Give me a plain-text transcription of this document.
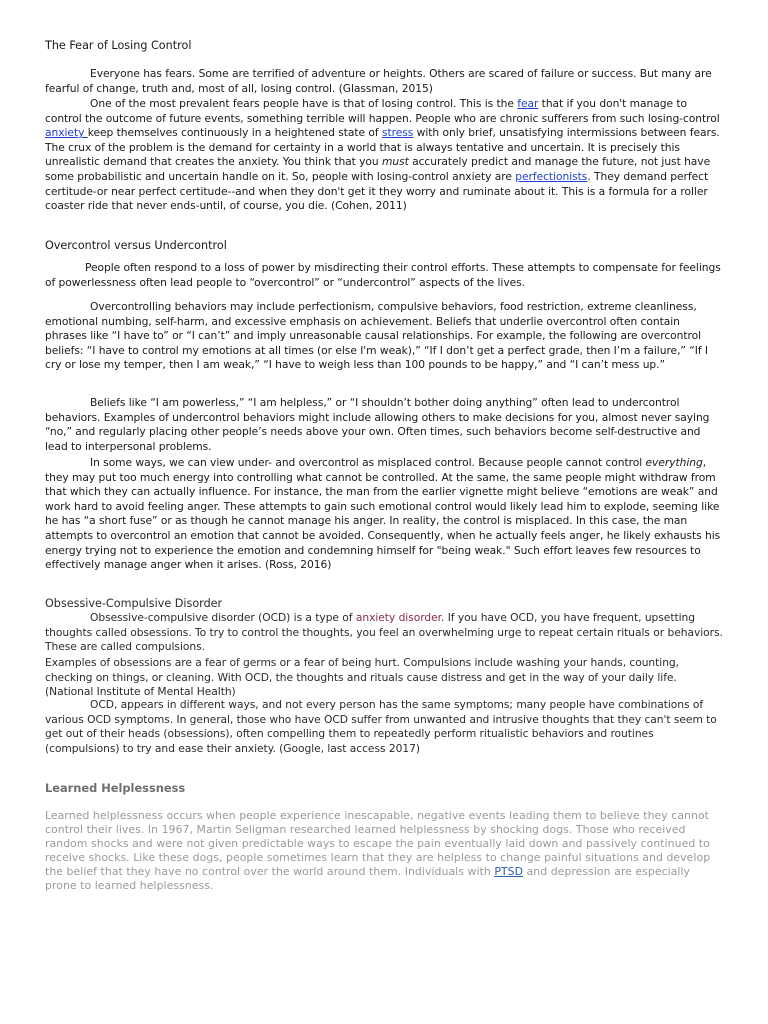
The Fear of Losing Control

Everyone has fears. Some are terrified of adventure or heights. Others are scared of failure or success. But many are fearful of change, truth and, most of all, losing control. (Glassman, 2015)

One of the most prevalent fears people have is that of losing control. This is the fear that if you don't manage to control the outcome of future events, something terrible will happen. People who are chronic sufferers from such losing-control anxiety keep themselves continuously in a heightened state of stress with only brief, unsatisfying intermissions between fears. The crux of the problem is the demand for certainty in a world that is always tentative and uncertain. It is precisely this unrealistic demand that creates the anxiety. You think that you must accurately predict and manage the future, not just have some probabilistic and uncertain handle on it. So, people with losing-control anxiety are perfectionists. They demand perfect certitude-or near perfect certitude--and when they don't get it they worry and ruminate about it. This is a formula for a roller coaster ride that never ends-until, of course, you die. (Cohen, 2011)

Overcontrol versus Undercontrol

People often respond to a loss of power by misdirecting their control efforts. These attempts to compensate for feelings of powerlessness often lead people to “overcontrol” or “undercontrol” aspects of the lives.

Overcontrolling behaviors may include perfectionism, compulsive behaviors, food restriction, extreme cleanliness, emotional numbing, self-harm, and excessive emphasis on achievement. Beliefs that underlie overcontrol often contain phrases like “I have to” or “I can’t” and imply unreasonable causal relationships. For example, the following are overcontrol beliefs: “I have to control my emotions at all times (or else I'm weak),” “If I don’t get a perfect grade, then I’m a failure,” “If I cry or lose my temper, then I am weak,” “I have to weigh less than 100 pounds to be happy,” and “I can’t mess up.”

Beliefs like “I am powerless,” “I am helpless,” or “I shouldn’t bother doing anything” often lead to undercontrol behaviors. Examples of undercontrol behaviors might include allowing others to make decisions for you, almost never saying “no,” and regularly placing other people’s needs above your own. Often times, such behaviors become self-destructive and lead to interpersonal problems.

In some ways, we can view under- and overcontrol as misplaced control. Because people cannot control everything, they may put too much energy into controlling what cannot be controlled. At the same, the same people might withdraw from that which they can actually influence. For instance, the man from the earlier vignette might believe “emotions are weak” and work hard to avoid feeling anger. These attempts to gain such emotional control would likely lead him to explode, seeming like he has “a short fuse” or as though he cannot manage his anger. In reality, the control is misplaced. In this case, the man attempts to overcontrol an emotion that cannot be avoided. Consequently, when he actually feels anger, he likely exhausts his energy trying not to experience the emotion and condemning himself for "being weak." Such effort leaves few resources to effectively manage anger when it arises. (Ross, 2016)

Obsessive-Compulsive Disorder

Obsessive-compulsive disorder (OCD) is a type of anxiety disorder. If you have OCD, you have frequent, upsetting thoughts called obsessions. To try to control the thoughts, you feel an overwhelming urge to repeat certain rituals or behaviors. These are called compulsions.

Examples of obsessions are a fear of germs or a fear of being hurt. Compulsions include washing your hands, counting, checking on things, or cleaning. With OCD, the thoughts and rituals cause distress and get in the way of your daily life. (National Institute of Mental Health)

OCD, appears in different ways, and not every person has the same symptoms; many people have combinations of various OCD symptoms. In general, those who have OCD suffer from unwanted and intrusive thoughts that they can't seem to get out of their heads (obsessions), often compelling them to repeatedly perform ritualistic behaviors and routines (compulsions) to try and ease their anxiety. (Google, last access 2017)

Learned Helplessness

Learned helplessness occurs when people experience inescapable, negative events leading them to believe they cannot control their lives. In 1967, Martin Seligman researched learned helplessness by shocking dogs. Those who received random shocks and were not given predictable ways to escape the pain eventually laid down and passively continued to receive shocks. Like these dogs, people sometimes learn that they are helpless to change painful situations and develop the belief that they have no control over the world around them. Individuals with PTSD and depression are especially prone to learned helplessness.
